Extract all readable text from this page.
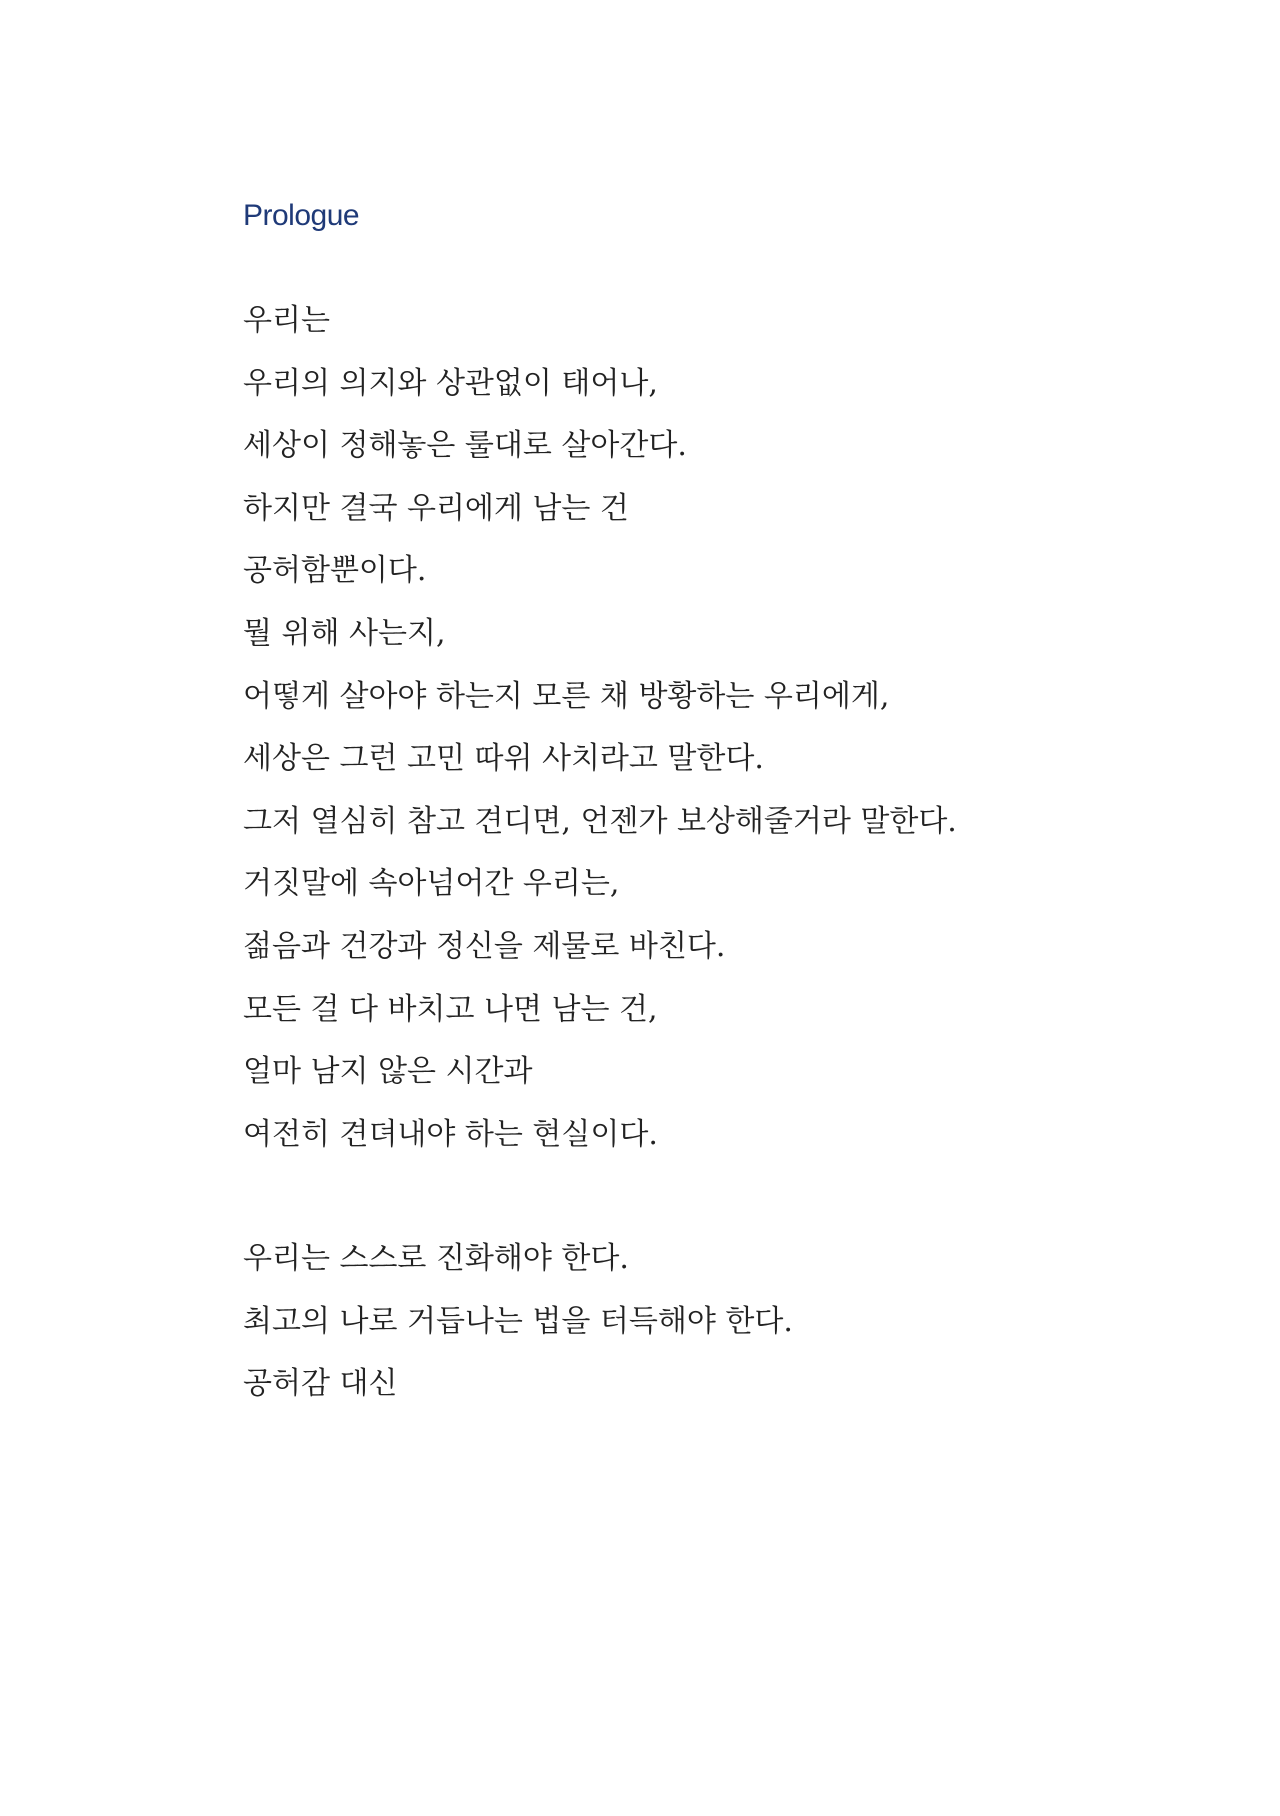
Prologue
우리는
우리의 의지와 상관없이 태어나,
세상이 정해놓은 룰대로 살아간다.
하지만 결국 우리에게 남는 건
공허함뿐이다.
뭘 위해 사는지,
어떻게 살아야 하는지 모른 채 방황하는 우리에게,
세상은 그런 고민 따위 사치라고 말한다.
그저 열심히 참고 견디면, 언젠가 보상해줄거라 말한다.
거짓말에 속아넘어간 우리는,
젊음과 건강과 정신을 제물로 바친다.
모든 걸 다 바치고 나면 남는 건,
얼마 남지 않은 시간과
여전히 견뎌내야 하는 현실이다.
우리는 스스로 진화해야 한다.
최고의 나로 거듭나는 법을 터득해야 한다.
공허감 대신
